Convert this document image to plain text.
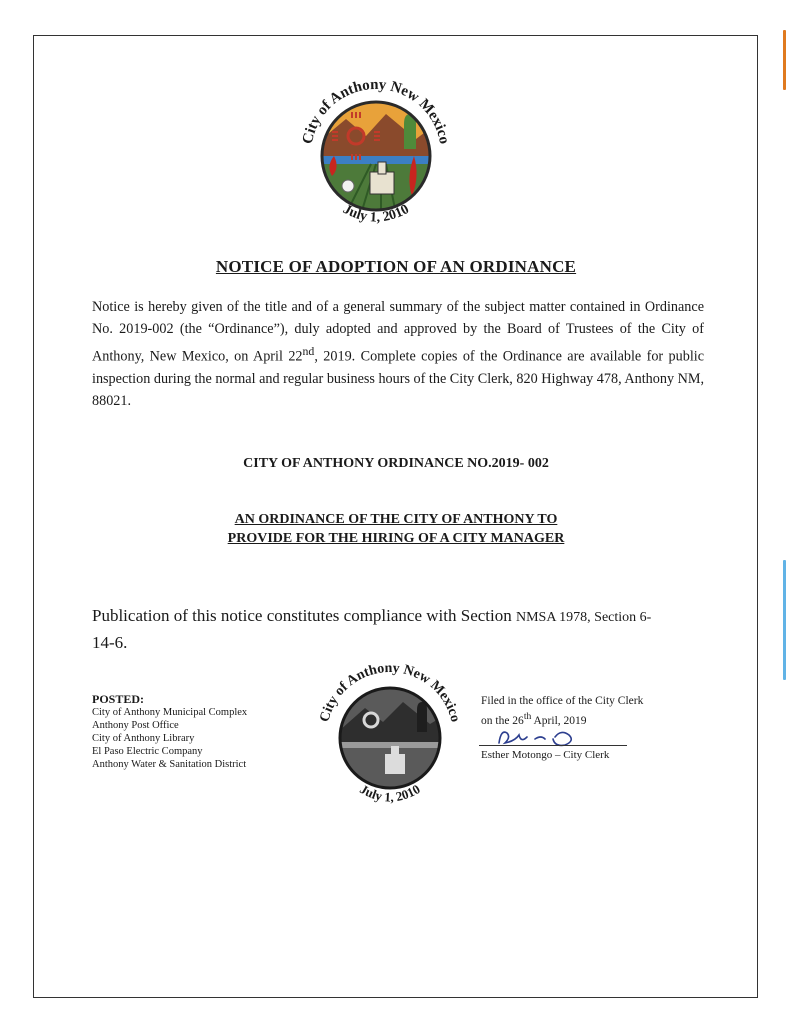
City of Anthony New Mexico
July 1, 2010
NOTICE OF ADOPTION OF AN ORDINANCE
Notice is hereby given of the title and of a general summary of the subject matter contained in Ordinance No. 2019-002 (the “Ordinance”), duly adopted and approved by the Board of Trustees of the City of Anthony, New Mexico, on April 22nd, 2019. Complete copies of the Ordinance are available for public inspection during the normal and regular business hours of the City Clerk, 820 Highway 478, Anthony NM, 88021.
CITY OF ANTHONY ORDINANCE NO.2019- 002
AN ORDINANCE OF THE CITY OF ANTHONY TO
PROVIDE FOR THE HIRING OF A CITY MANAGER
Publication of this notice constitutes compliance with Section NMSA 1978, Section 6-
14-6.
POSTED:
City of Anthony Municipal Complex
Anthony Post Office
City of Anthony Library
El Paso Electric Company
Anthony Water & Sanitation District
City of Anthony New Mexico
July 1, 2010
Filed in the office of the City Clerk
on the 26th April, 2019
Esther Motongo – City Clerk
